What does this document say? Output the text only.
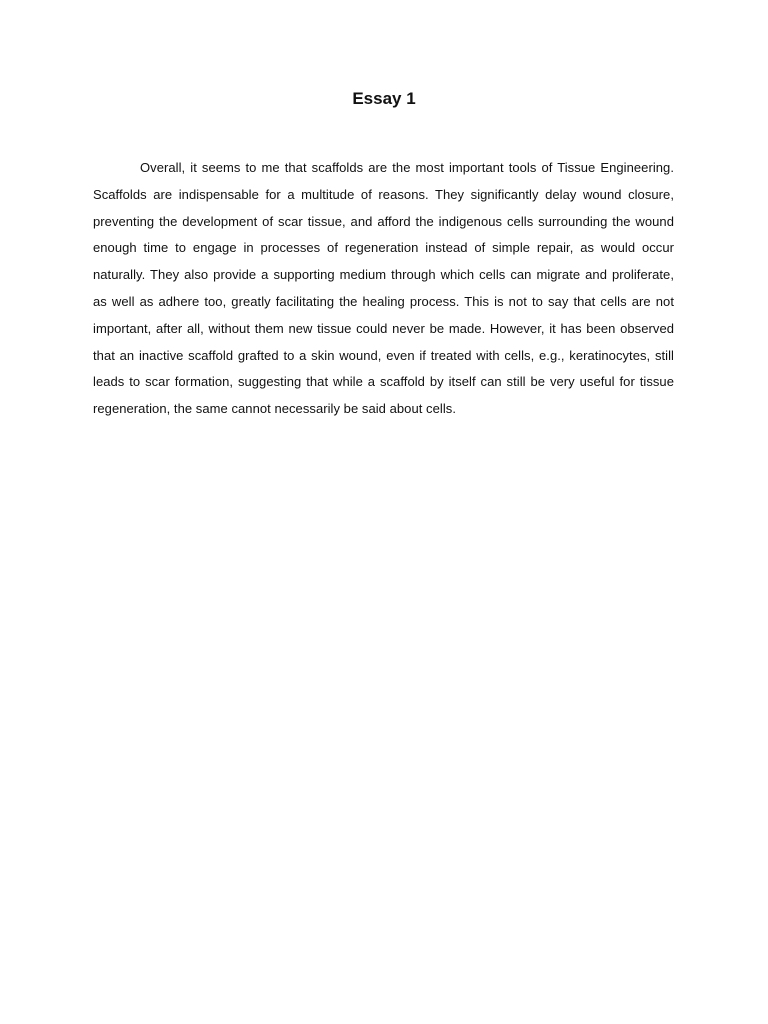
Essay 1

Overall, it seems to me that scaffolds are the most important tools of Tissue Engineering. Scaffolds are indispensable for a multitude of reasons. They significantly delay wound closure, preventing the development of scar tissue, and afford the indigenous cells surrounding the wound enough time to engage in processes of regeneration instead of simple repair, as would occur naturally. They also provide a supporting medium through which cells can migrate and proliferate, as well as adhere too, greatly facilitating the healing process. This is not to say that cells are not important, after all, without them new tissue could never be made. However, it has been observed that an inactive scaffold grafted to a skin wound, even if treated with cells, e.g., keratinocytes, still leads to scar formation, suggesting that while a scaffold by itself can still be very useful for tissue regeneration, the same cannot necessarily be said about cells.
